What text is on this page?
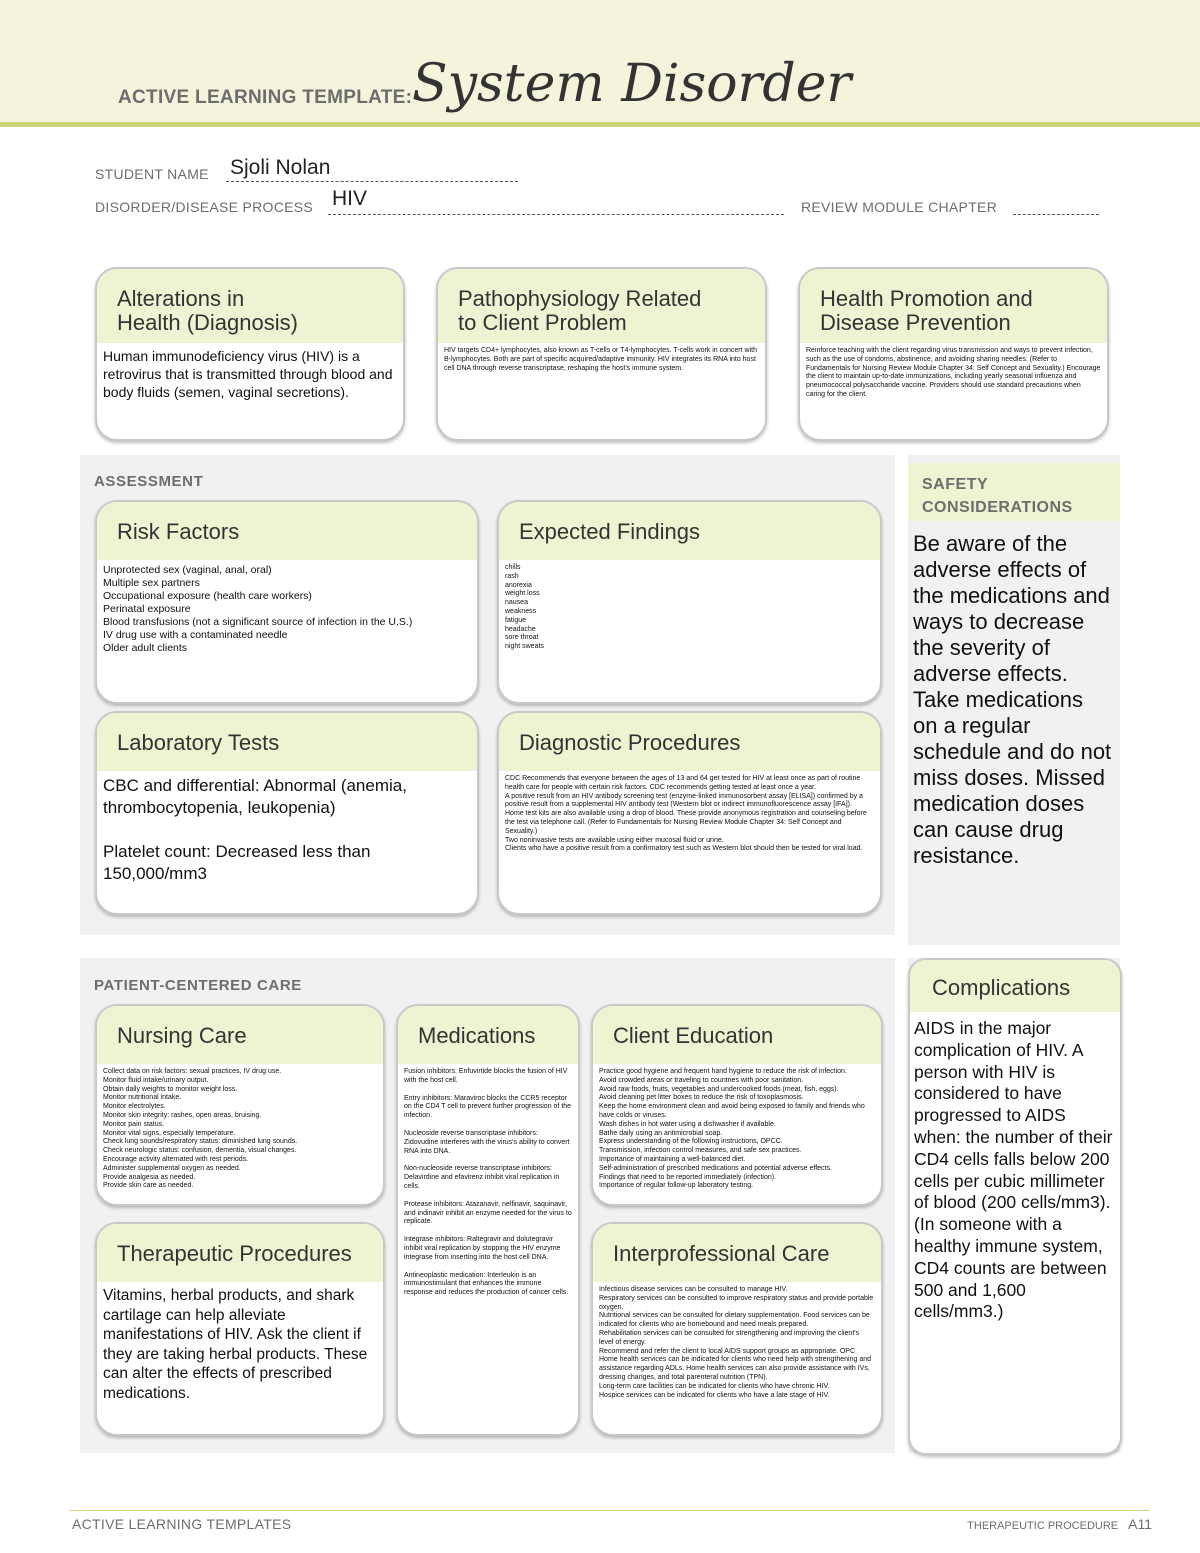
ACTIVE LEARNING TEMPLATE: System Disorder
STUDENT NAME Sjoli Nolan
DISORDER/DISEASE PROCESS HIV	REVIEW MODULE CHAPTER
Alterations in
Health (Diagnosis)
Human immunodeficiency virus (HIV) is a retrovirus that is transmitted through blood and body fluids (semen, vaginal secretions).
Pathophysiology Related
to Client Problem
HIV targets CD4+ lymphocytes, also known as T-cells or T4-lymphocytes. T-cells work in concert with B-lymphocytes. Both are part of specific acquired/adaptive immunity. HIV integrates its RNA into host cell DNA through reverse transcriptase, reshaping the host's immune system.
Health Promotion and
Disease Prevention
Reinforce teaching with the client regarding virus transmission and ways to prevent infection, such as the use of condoms, abstinence, and avoiding sharing needles. (Refer to Fundamentals for Nursing Review Module Chapter 34: Self Concept and Sexuality.) Encourage the client to maintain up-to-date immunizations, including yearly seasonal influenza and pneumococcal polysaccharide vaccine. Providers should use standard precautions when caring for the client.
ASSESSMENT
Risk Factors
Unprotected sex (vaginal, anal, oral)
Multiple sex partners
Occupational exposure (health care workers)
Perinatal exposure
Blood transfusions (not a significant source of infection in the U.S.)
IV drug use with a contaminated needle
Older adult clients
Expected Findings
chills
rash
anorexia
weight loss
nausea
weakness
fatigue
headache
sore throat
night sweats
Laboratory Tests
CBC and differential: Abnormal (anemia, thrombocytopenia, leukopenia)
Platelet count: Decreased less than 150,000/mm3
Diagnostic Procedures
CDC Recommends that everyone between the ages of 13 and 64 get tested for HIV at least once as part of routine health care for people with certain risk factors. CDC recommends getting tested at least once a year.
A positive result from an HIV antibody screening test (enzyme-linked immunosorbent assay [ELISA]) confirmed by a positive result from a supplemental HIV antibody test (Western blot or indirect immunofluorescence assay [IFA]).
Home test kits are also available using a drop of blood. These provide anonymous registration and counseling before the test via telephone call. (Refer to Fundamentals for Nursing Review Module Chapter 34: Self Concept and Sexuality.)
Two noninvasive tests are available using either mucosal fluid or urine.
Clients who have a positive result from a confirmatory test such as Western blot should then be tested for viral load.
SAFETY
CONSIDERATIONS
Be aware of the adverse effects of the medications and ways to decrease the severity of adverse effects. Take medications on a regular schedule and do not miss doses. Missed medication doses can cause drug resistance.
PATIENT-CENTERED CARE
Nursing Care
Collect data on risk factors: sexual practices, IV drug use.
Monitor fluid intake/urinary output.
Obtain daily weights to monitor weight loss.
Monitor nutritional intake.
Monitor electrolytes.
Monitor skin integrity: rashes, open areas, bruising.
Monitor pain status.
Monitor vital signs, especially temperature.
Check lung sounds/respiratory status: diminished lung sounds.
Check neurologic status: confusion, dementia, visual changes.
Encourage activity alternated with rest periods.
Administer supplemental oxygen as needed.
Provide analgesia as needed.
Provide skin care as needed.
Medications
Fusion inhibitors: Enfuvirtide blocks the fusion of HIV with the host cell.
Entry inhibitors: Maraviroc blocks the CCR5 receptor on the CD4 T cell to prevent further progression of the infection.
Nucleoside reverse transcriptase inhibitors: Zidovudine interferes with the virus's ability to convert RNA into DNA.
Non-nucleoside reverse transcriptase inhibitors: Delavirdine and efavirenz inhibit viral replication in cells.
Protease inhibitors: Atazanavir, nelfinavir, saquinavir, and indinavir inhibit an enzyme needed for the virus to replicate.
Integrase inhibitors: Raltegravir and dolutegravir inhibit viral replication by stopping the HIV enzyme integrase from inserting into the host cell DNA.
Antineoplastic medication: Interleukin is an immunostimulant that enhances the immune response and reduces the production of cancer cells.
Client Education
Practice good hygiene and frequent hand hygiene to reduce the risk of infection.
Avoid crowded areas or traveling to countries with poor sanitation.
Avoid raw foods, fruits, vegetables and undercooked foods (meat, fish, eggs).
Avoid cleaning pet litter boxes to reduce the risk of toxoplasmosis.
Keep the home environment clean and avoid being exposed to family and friends who have colds or viruses.
Wash dishes in hot water using a dishwasher if available.
Bathe daily using an antimicrobial soap.
Express understanding of the following instructions, OPCC.
Transmission, infection control measures, and safe sex practices.
Importance of maintaining a well-balanced diet.
Self-administration of prescribed medications and potential adverse effects.
Findings that need to be reported immediately (infection).
Importance of regular follow-up laboratory testing.
Therapeutic Procedures
Vitamins, herbal products, and shark cartilage can help alleviate manifestations of HIV. Ask the client if they are taking herbal products. These can alter the effects of prescribed medications.
Interprofessional Care
Infectious disease services can be consulted to manage HIV.
Respiratory services can be consulted to improve respiratory status and provide portable oxygen.
Nutritional services can be consulted for dietary supplementation. Food services can be indicated for clients who are homebound and need meals prepared.
Rehabilitation services can be consulted for strengthening and improving the client's level of energy.
Recommend and refer the client to local AIDS support groups as appropriate. OPC
Home health services can be indicated for clients who need help with strengthening and assistance regarding ADLs. Home health services can also provide assistance with IVs, dressing changes, and total parenteral nutrition (TPN).
Long-term care facilities can be indicated for clients who have chronic HIV.
Hospice services can be indicated for clients who have a late stage of HIV.
Complications
AIDS in the major complication of HIV. A person with HIV is considered to have progressed to AIDS when: the number of their CD4 cells falls below 200 cells per cubic millimeter of blood (200 cells/mm3). (In someone with a healthy immune system, CD4 counts are between 500 and 1,600 cells/mm3.)
ACTIVE LEARNING TEMPLATES	THERAPEUTIC PROCEDURE A11
